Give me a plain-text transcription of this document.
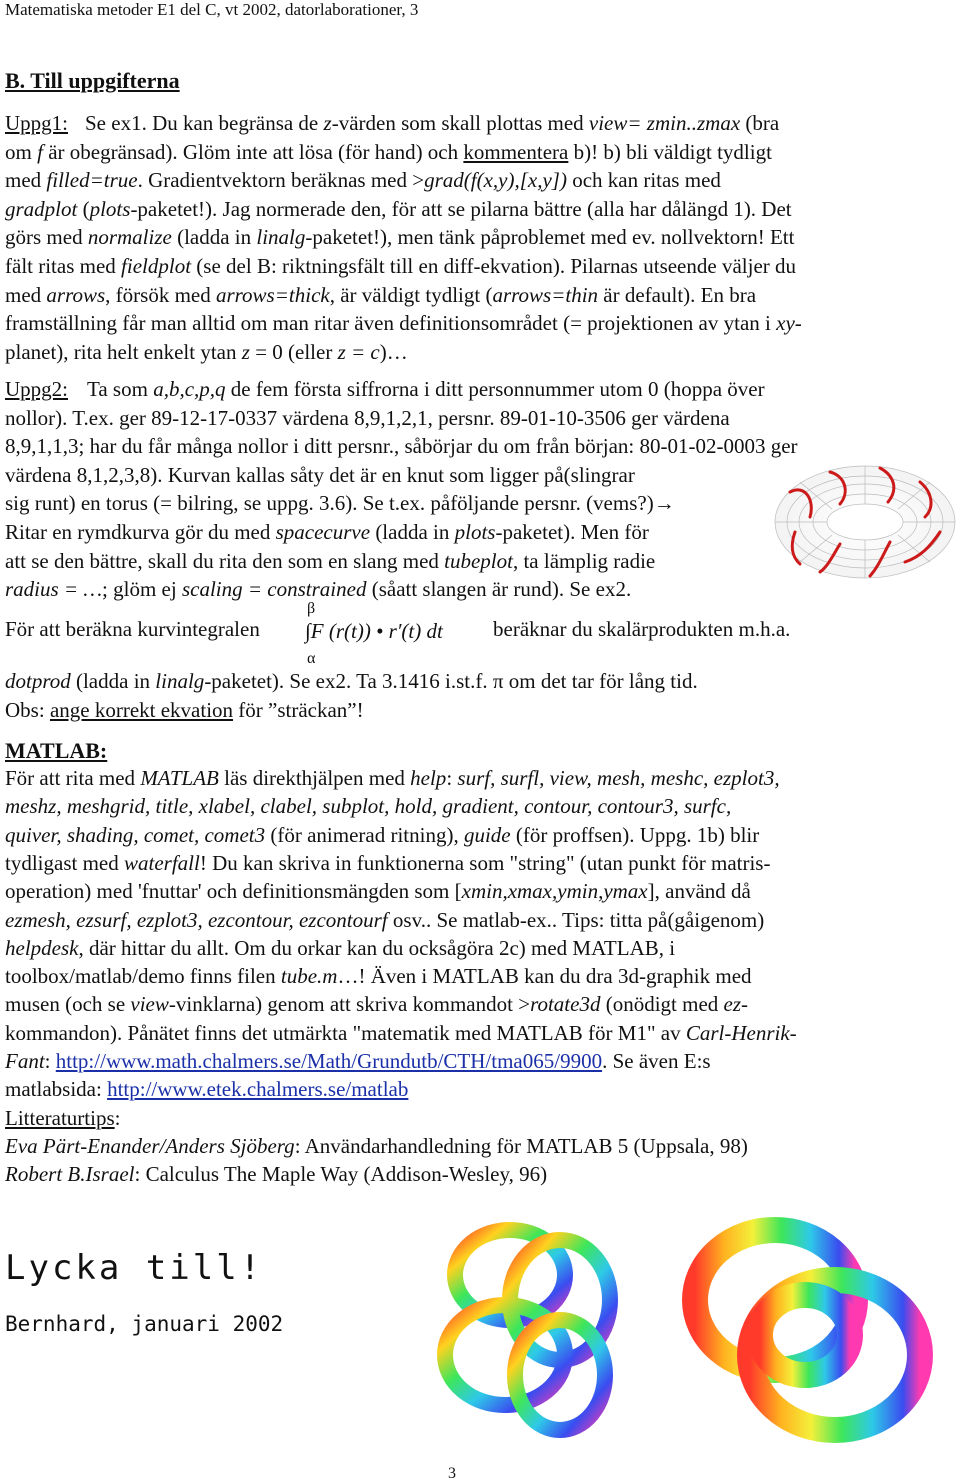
Matematiska metoder E1 del C, vt 2002, datorlaborationer, 3
B. Till uppgifterna
Se ex1. Du kan begränsa de z-värden som skall plottas med view= zmin..zmax (bra
om f är obegränsad). Glöm inte att lösa (för hand) och kommentera b)! b) bli väldigt tydligt
med filled=true. Gradientvektorn beräknas med >grad(f(x,y),[x,y]) och kan ritas med
gradplot (plots-paketet!). Jag normerade den, för att se pilarna bättre (alla har dålängd 1). Det
görs med normalize (ladda in linalg-paketet!), men tänk påproblemet med ev. nollvektorn! Ett
fält ritas med fieldplot (se del B: riktningsfält till en diff-ekvation). Pilarnas utseende väljer du
med arrows, försök med arrows=thick, är väldigt tydligt (arrows=thin är default). En bra
framställning får man alltid om man ritar även definitionsområdet (= projektionen av ytan i xy-
planet), rita helt enkelt ytan z = 0 (eller z = c)…
Uppg1:
Ta som a,b,c,p,q de fem första siffrorna i ditt personnummer utom 0 (hoppa över
nollor). T.ex. ger 89-12-17-0337 värdena 8,9,1,2,1, persnr. 89-01-10-3506 ger värdena
8,9,1,1,3; har du får många nollor i ditt persnr., såbörjar du om från början: 80-01-02-0003 ger
värdena 8,1,2,3,8). Kurvan kallas såty det är en knut som ligger på(slingrar
sig runt) en torus (= bilring, se uppg. 3.6). Se t.ex. påföljande persnr. (vems?)→
Ritar en rymdkurva gör du med spacecurve (ladda in plots-paketet). Men för
att se den bättre, skall du rita den som en slang med tubeplot, ta lämplig radie
radius = …; glöm ej scaling = constrained (såatt slangen är rund). Se ex2.
Uppg2:
För att beräkna kurvintegralen
β
∫F (r(t)) • r′(t) dt
α
beräknar du skalärprodukten m.h.a.
dotprod (ladda in linalg-paketet). Se ex2. Ta 3.1416 i.st.f. π om det tar för lång tid.
Obs: ange korrekt ekvation för ”sträckan”!
MATLAB:
För att rita med MATLAB läs direkthjälpen med help: surf, surfl, view, mesh, meshc, ezplot3,
meshz, meshgrid, title, xlabel, clabel, subplot, hold, gradient, contour, contour3, surfc,
quiver, shading, comet, comet3 (för animerad ritning), guide (för proffsen). Uppg. 1b) blir
tydligast med waterfall! Du kan skriva in funktionerna som "string" (utan punkt för matris-
operation) med 'fnuttar' och definitionsmängden som [xmin,xmax,ymin,ymax], använd då
ezmesh, ezsurf, ezplot3, ezcontour, ezcontourf osv.. Se matlab-ex.. Tips: titta på(gåigenom)
helpdesk, där hittar du allt. Om du orkar kan du ocksågöra 2c) med MATLAB, i
toolbox/matlab/demo finns filen tube.m…! Även i MATLAB kan du dra 3d-graphik med
musen (och se view-vinklarna) genom att skriva kommandot >rotate3d (onödigt med ez-
kommandon). Pånätet finns det utmärkta "matematik med MATLAB för M1" av Carl-Henrik-
Fant: http://www.math.chalmers.se/Math/Grundutb/CTH/tma065/9900. Se även E:s
matlabsida: http://www.etek.chalmers.se/matlab
Litteraturtips:
Eva Pärt-Enander/Anders Sjöberg: Användarhandledning för MATLAB 5 (Uppsala, 98)
Robert B.Israel: Calculus The Maple Way (Addison-Wesley, 96)
Lycka till!
Bernhard, januari 2002
3
